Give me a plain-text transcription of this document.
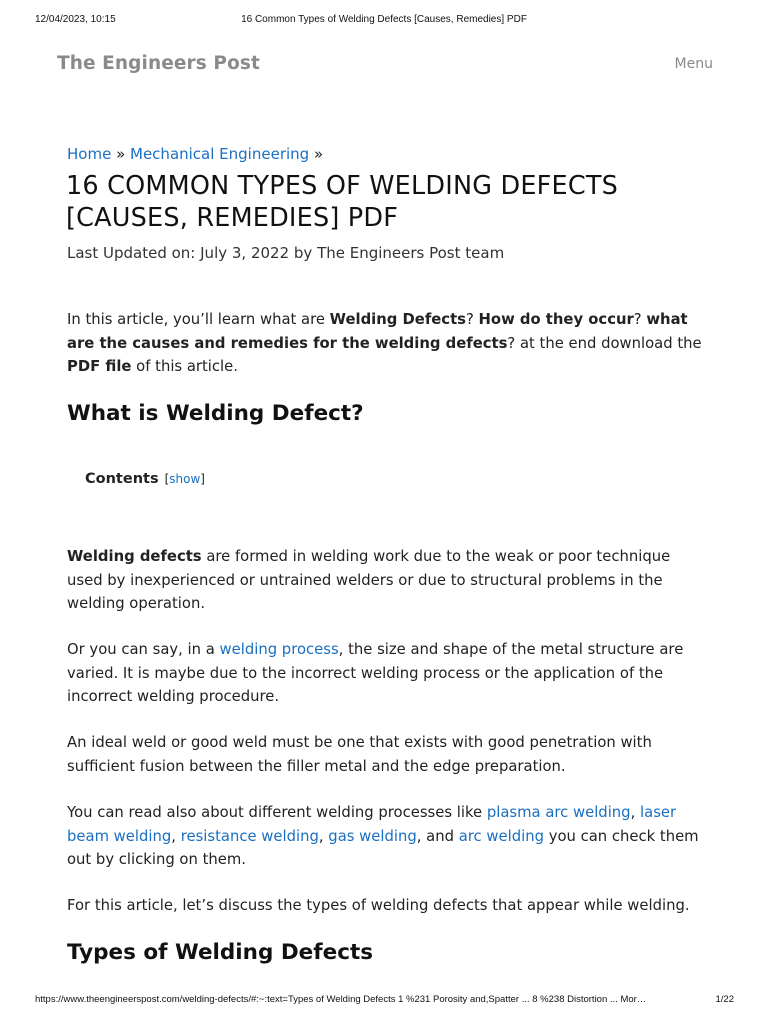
12/04/2023, 10:15	16 Common Types of Welding Defects [Causes, Remedies] PDF
The Engineers Post	Menu
Home » Mechanical Engineering »
16 COMMON TYPES OF WELDING DEFECTS [CAUSES, REMEDIES] PDF
Last Updated on: July 3, 2022 by The Engineers Post team

In this article, you’ll learn what are Welding Defects? How do they occur? what are the causes and remedies for the welding defects? at the end download the PDF file of this article.

What is Welding Defect?
Contents [show]

Welding defects are formed in welding work due to the weak or poor technique used by inexperienced or untrained welders or due to structural problems in the welding operation.

Or you can say, in a welding process, the size and shape of the metal structure are varied. It is maybe due to the incorrect welding process or the application of the incorrect welding procedure.

An ideal weld or good weld must be one that exists with good penetration with sufficient fusion between the filler metal and the edge preparation.

You can read also about different welding processes like plasma arc welding, laser beam welding, resistance welding, gas welding, and arc welding you can check them out by clicking on them.

For this article, let’s discuss the types of welding defects that appear while welding.

Types of Welding Defects
https://www.theengineerspost.com/welding-defects/#:~:text=Types of Welding Defects 1 %231 Porosity and,Spatter ... 8 %238 Distortion ... Mor…	1/22
